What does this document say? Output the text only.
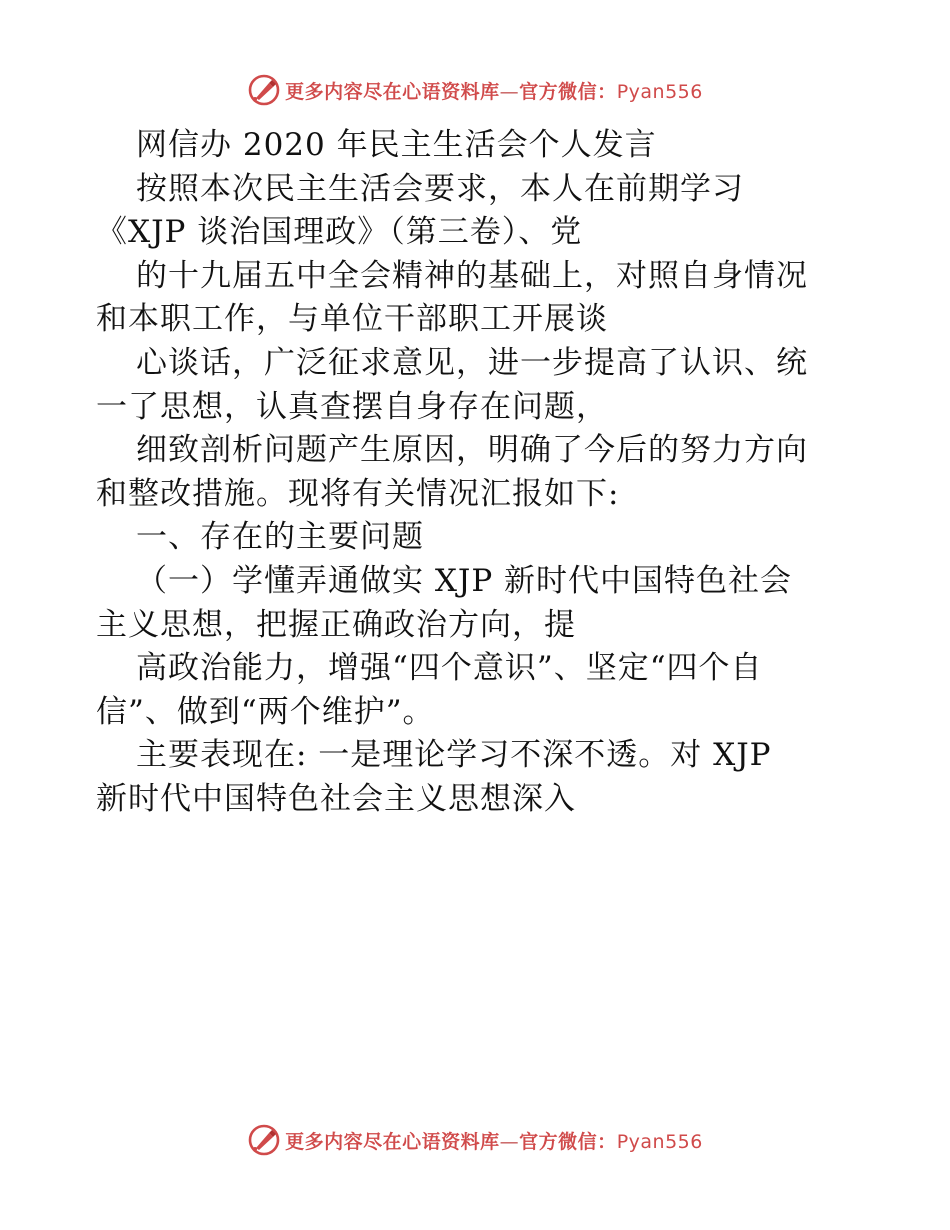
更多内容尽在心语资料库—官方微信：Pyan556
网信办 2020 年民主生活会个人发言
按照本次民主生活会要求，本人在前期学习
《XJP 谈治国理政》（第三卷）、党
的十九届五中全会精神的基础上，对照自身情况
和本职工作，与单位干部职工开展谈
心谈话，广泛征求意见，进一步提高了认识、统
一了思想，认真查摆自身存在问题，
细致剖析问题产生原因，明确了今后的努力方向
和整改措施。现将有关情况汇报如下:
一、存在的主要问题
（一）学懂弄通做实 XJP 新时代中国特色社会
主义思想，把握正确政治方向，提
高政治能力，增强“四个意识”、坚定“四个自
信”、做到“两个维护”。
主要表现在: 一是理论学习不深不透。对 XJP
新时代中国特色社会主义思想深入
更多内容尽在心语资料库—官方微信：Pyan556
